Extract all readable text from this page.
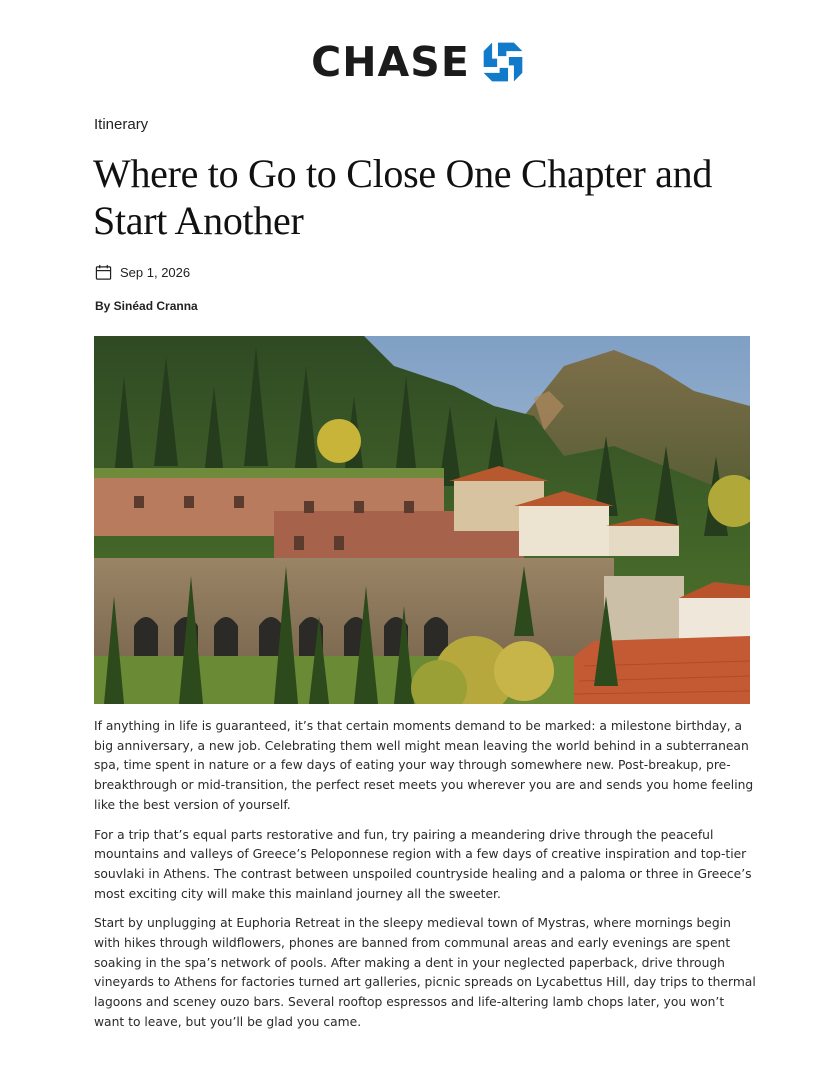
CHASE
Itinerary
Where to Go to Close One Chapter and Start Another
Sep 1, 2026
By Sinéad Cranna

If anything in life is guaranteed, it’s that certain moments demand to be marked: a milestone birthday, a big anniversary, a new job. Celebrating them well might mean leaving the world behind in a subterranean spa, time spent in nature or a few days of eating your way through somewhere new. Post-breakup, pre-breakthrough or mid-transition, the perfect reset meets you wherever you are and sends you home feeling like the best version of yourself.

For a trip that’s equal parts restorative and fun, try pairing a meandering drive through the peaceful mountains and valleys of Greece’s Peloponnese region with a few days of creative inspiration and top-tier souvlaki in Athens. The contrast between unspoiled countryside healing and a paloma or three in Greece’s most exciting city will make this mainland journey all the sweeter.

Start by unplugging at Euphoria Retreat in the sleepy medieval town of Mystras, where mornings begin with hikes through wildflowers, phones are banned from communal areas and early evenings are spent soaking in the spa’s network of pools. After making a dent in your neglected paperback, drive through vineyards to Athens for factories turned art galleries, picnic spreads on Lycabettus Hill, day trips to thermal lagoons and sceney ouzo bars. Several rooftop espressos and life-altering lamb chops later, you won’t want to leave, but you’ll be glad you came.
